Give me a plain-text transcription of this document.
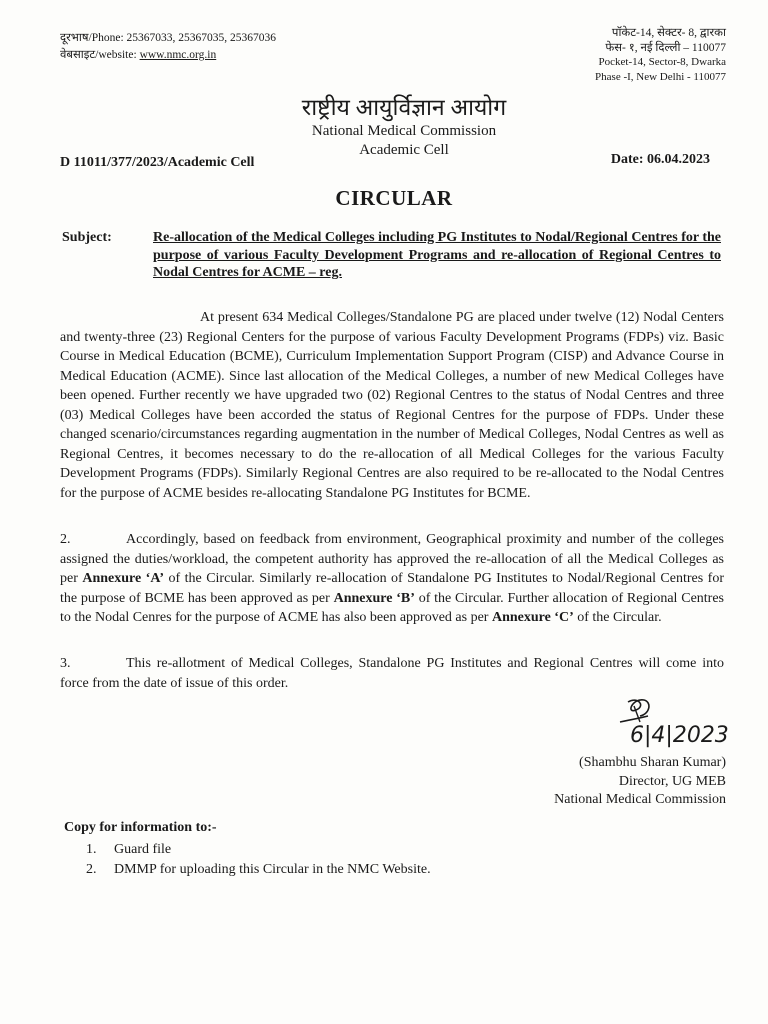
दूरभाष/Phone: 25367033, 25367035, 25367036
वेबसाइट/website: www.nmc.org.in
पॉकेट-14, सेक्टर- 8, द्वारका
फेस- १, नई दिल्ली – 110077
Pocket-14, Sector-8, Dwarka
Phase -I, New Delhi - 110077
राष्ट्रीय आयुर्विज्ञान आयोग
National Medical Commission
Academic Cell
D 11011/377/2023/Academic Cell	Date: 06.04.2023
CIRCULAR
Subject:	Re-allocation of the Medical Colleges including PG Institutes to Nodal/Regional Centres for the purpose of various Faculty Development Programs and re-allocation of Regional Centres to Nodal Centres for ACME – reg.
At present 634 Medical Colleges/Standalone PG are placed under twelve (12) Nodal Centers and twenty-three (23) Regional Centers for the purpose of various Faculty Development Programs (FDPs) viz. Basic Course in Medical Education (BCME), Curriculum Implementation Support Program (CISP) and Advance Course in Medical Education (ACME). Since last allocation of the Medical Colleges, a number of new Medical Colleges have been opened. Further recently we have upgraded two (02) Regional Centres to the status of Nodal Centres and three (03) Medical Colleges have been accorded the status of Regional Centres for the purpose of FDPs. Under these changed scenario/circumstances regarding augmentation in the number of Medical Colleges, Nodal Centres as well as Regional Centres, it becomes necessary to do the re-allocation of all Medical Colleges for the various Faculty Development Programs (FDPs). Similarly Regional Centres are also required to be re-allocated to the Nodal Centres for the purpose of ACME besides re-allocating Standalone PG Institutes for BCME.
2.	Accordingly, based on feedback from environment, Geographical proximity and number of the colleges assigned the duties/workload, the competent authority has approved the re-allocation of all the Medical Colleges as per Annexure ‘A’ of the Circular. Similarly re-allocation of Standalone PG Institutes to Nodal/Regional Centres for the purpose of BCME has been approved as per Annexure ‘B’ of the Circular. Further allocation of Regional Centres to the Nodal Cenres for the purpose of ACME has also been approved as per Annexure ‘C’ of the Circular.
3.	This re-allotment of Medical Colleges, Standalone PG Institutes and Regional Centres will come into force from the date of issue of this order.
6|4|2023
(Shambhu Sharan Kumar)
Director, UG MEB
National Medical Commission
Copy for information to:-
1. Guard file
2. DMMP for uploading this Circular in the NMC Website.
